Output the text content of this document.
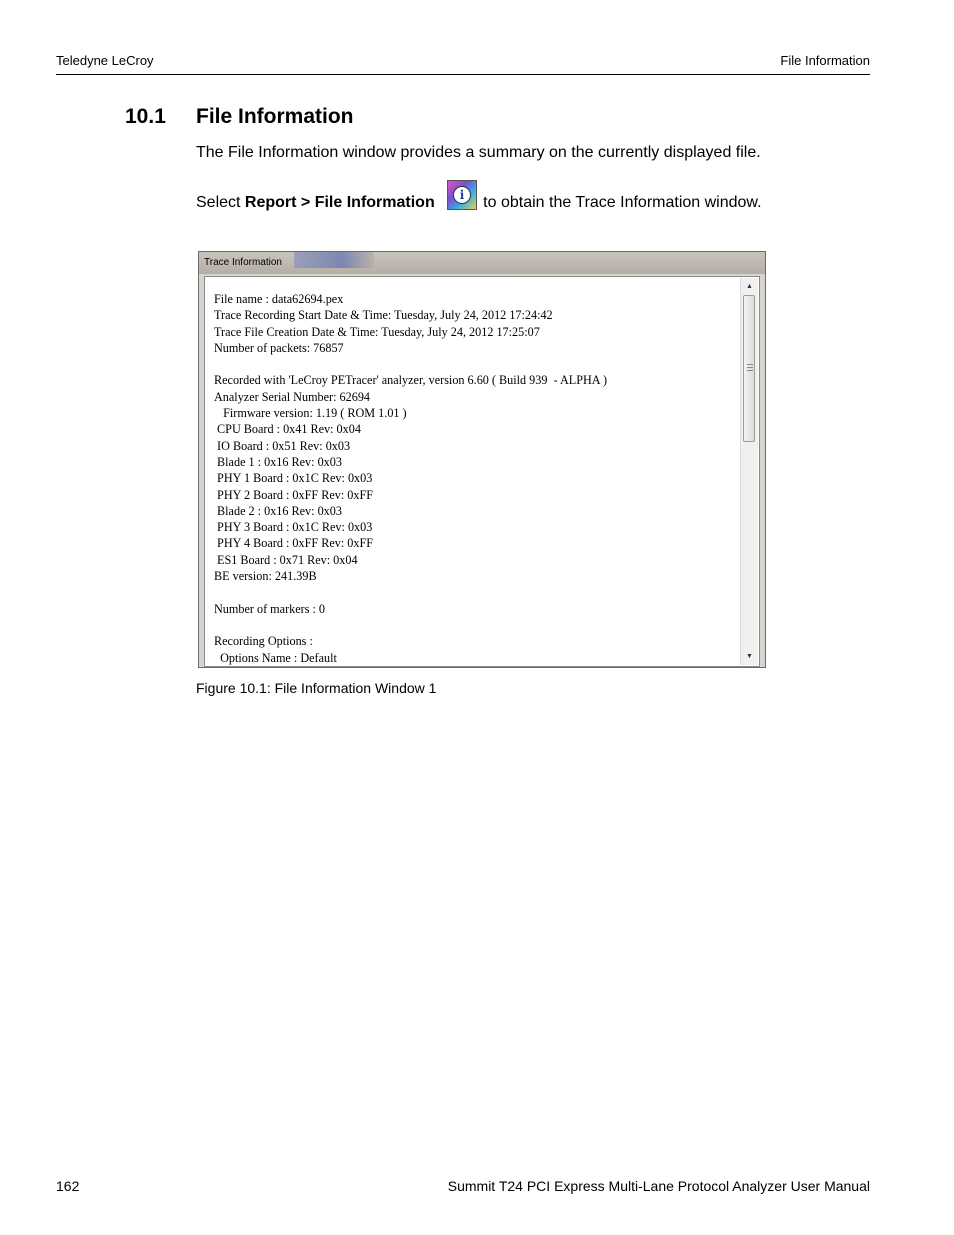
Teledyne LeCroy	File Information
10.1 File Information
The File Information window provides a summary on the currently displayed file.
Select Report > File Information	to obtain the Trace Information window.
i
Trace Information
File name : data62694.pex
Trace Recording Start Date & Time: Tuesday, July 24, 2012 17:24:42
Trace File Creation Date & Time: Tuesday, July 24, 2012 17:25:07
Number of packets: 76857
Recorded with 'LeCroy PETracer' analyzer, version 6.60 ( Build 939  - ALPHA )
Analyzer Serial Number: 62694
Firmware version: 1.19 ( ROM 1.01 )
CPU Board : 0x41 Rev: 0x04
IO Board : 0x51 Rev: 0x03
Blade 1 : 0x16 Rev: 0x03
PHY 1 Board : 0x1C Rev: 0x03
PHY 2 Board : 0xFF Rev: 0xFF
Blade 2 : 0x16 Rev: 0x03
PHY 3 Board : 0x1C Rev: 0x03
PHY 4 Board : 0xFF Rev: 0xFF
ES1 Board : 0x71 Rev: 0x04
BE version: 241.39B
Number of markers : 0
Recording Options :
Options Name : Default
▲
▼
Figure 10.1: File Information Window 1
162	Summit T24 PCI Express Multi-Lane Protocol Analyzer User Manual
